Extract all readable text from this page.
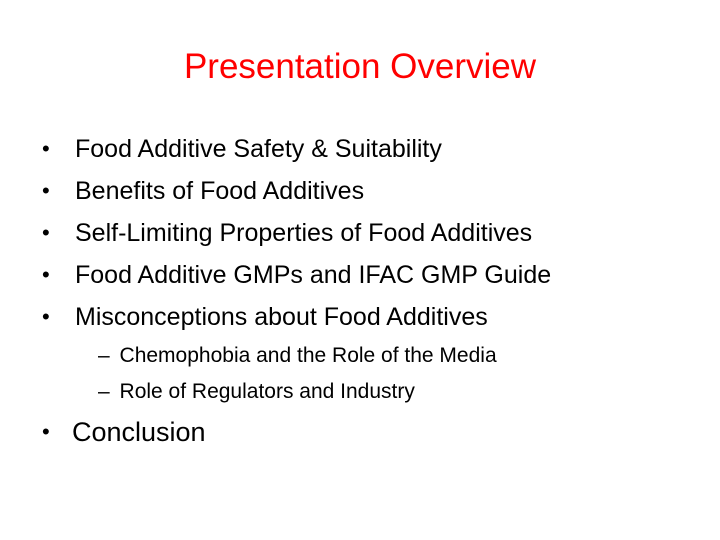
Presentation Overview
• Food Additive Safety & Suitability
• Benefits of Food Additives
• Self-Limiting Properties of Food Additives
• Food Additive GMPs and IFAC GMP Guide
• Misconceptions about Food Additives
– Chemophobia and the Role of the Media
– Role of Regulators and Industry
• Conclusion
